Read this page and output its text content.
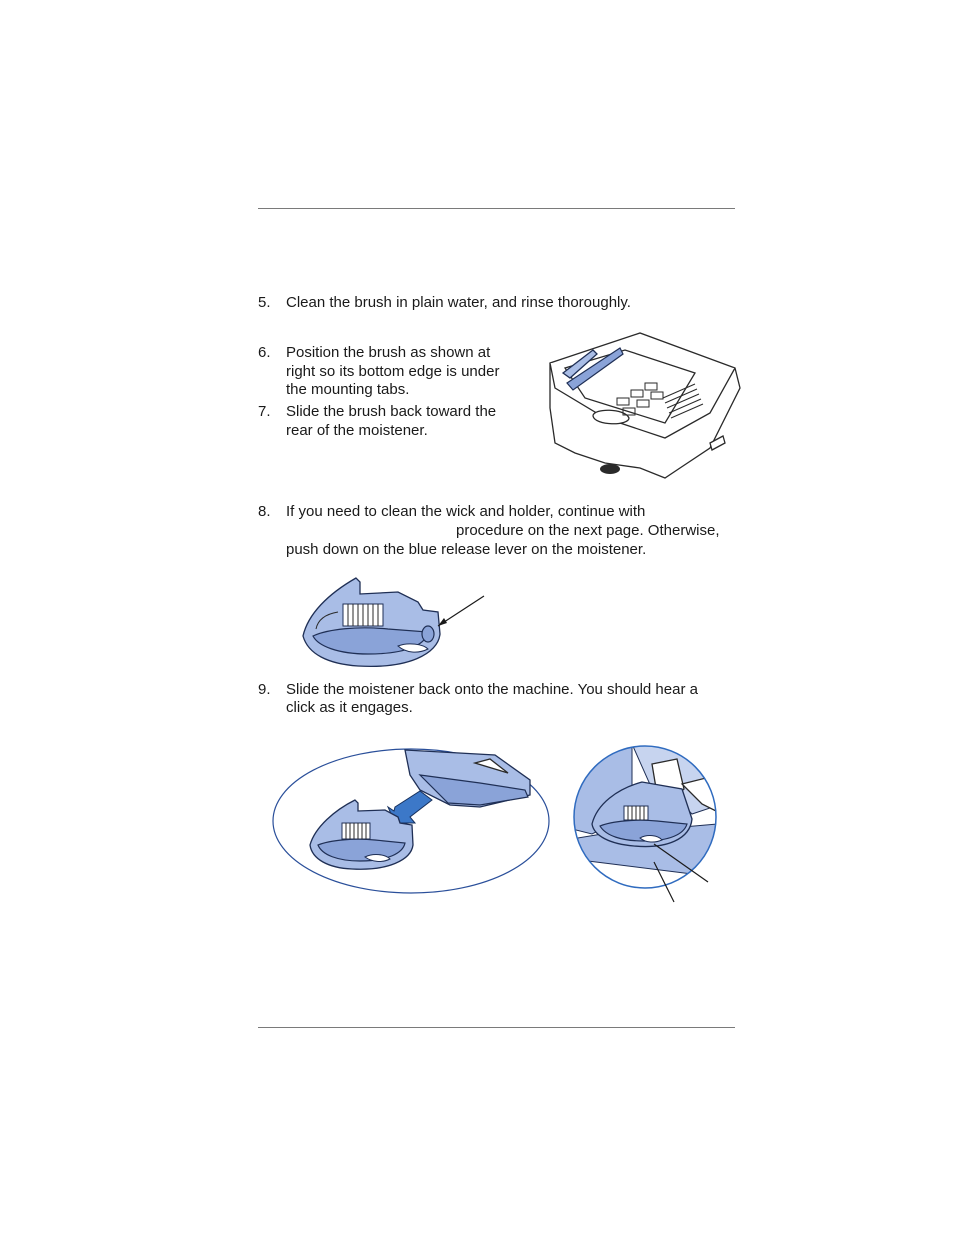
5.	Clean the brush in plain water, and rinse thoroughly.
6.	Position the brush as shown at
right so its bottom edge is under
the mounting tabs.
7.	Slide the brush back toward the
rear of the moistener.
8.	If you need to clean the wick and holder, continue with
procedure on the next page. Otherwise,
push down on the blue release lever on the moistener.
9.	Slide the moistener back onto the machine. You should hear a
click as it engages.
